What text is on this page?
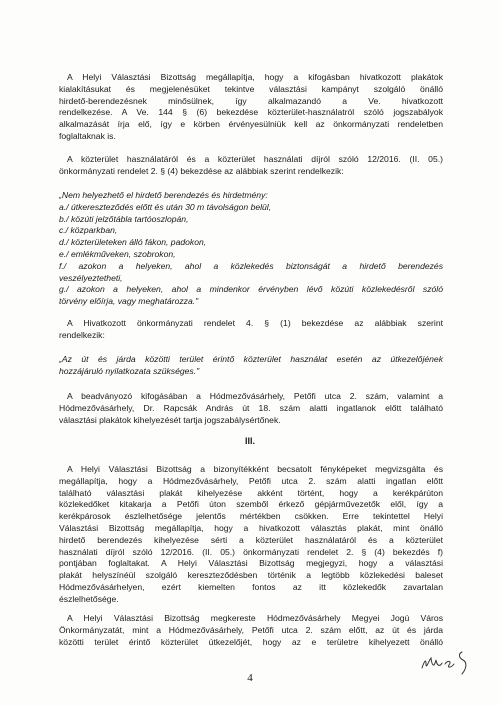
A Helyi Választási Bizottság megállapítja, hogy a kifogásban hivatkozott plakátok
kialakításukat és megjelenésüket tekintve választási kampányt szolgáló önálló
hirdető-berendezésnek minősülnek, így alkalmazandó a Ve. hivatkozott
rendelkezése. A Ve. 144 § (6) bekezdése közterület-használatról szóló jogszabályok
alkalmazását írja elő, így e körben érvényesülniük kell az önkormányzati rendeletben
foglaltaknak is.

A közterület használatáról és a közterület használati díjról szóló 12/2016. (II. 05.)
önkormányzati rendelet 2. § (4) bekezdése az alábbiak szerint rendelkezik:

„Nem helyezhető el hirdető berendezés és hirdetmény:
a./ útkereszteződés előtt és után 30 m távolságon belül,
b./ közúti jelzőtábla tartóoszlopán,
c./ közparkban,
d./ közterületeken álló fákon, padokon,
e./ emlékműveken, szobrokon,
f./ azokon a helyeken, ahol a közlekedés biztonságát a hirdető berendezés
veszélyeztetheti,
g./ azokon a helyeken, ahol a mindenkor érvényben lévő közúti közlekedésről szóló
törvény előírja, vagy meghatározza."

A Hivatkozott önkormányzati rendelet 4. § (1) bekezdése az alábbiak szerint
rendelkezik:

„Az út és járda közötti terület érintő közterület használat esetén az útkezelőjének
hozzájáruló nyilatkozata szükséges."

A beadványozó kifogásában a Hódmezővásárhely, Petőfi utca 2. szám, valamint a
Hódmezővásárhely, Dr. Rapcsák András út 18. szám alatti ingatlanok előtt található
választási plakátok kihelyezését tartja jogszabálysértőnek.

III.

A Helyi Választási Bizottság a bizonyítékként becsatolt fényképeket megvizsgálta és
megállapítja, hogy a Hódmezővásárhely, Petőfi utca 2. szám alatti ingatlan előtt
található választási plakát kihelyezése akként történt, hogy a kerékpárúton
közlekedőket kitakarja a Petőfi úton szemből érkező gépjárművezetők elől, így a
kerékpárosok észlelhetősége jelentős mértékben csökken. Erre tekintettel Helyi
Választási Bizottság megállapítja, hogy a hivatkozott választás plakát, mint önálló
hirdető berendezés kihelyezése sérti a közterület használatáról és a közterület
használati díjról szóló 12/2016. (II. 05.) önkormányzati rendelet 2. § (4) bekezdés f)
pontjában foglaltakat. A Helyi Választási Bizottság megjegyzi, hogy a választási
plakát helyszínéül szolgáló kereszteződésben történik a legtöbb közlekedési baleset
Hódmezővásárhelyen, ezért kiemelten fontos az itt közlekedők zavartalan
észlelhetősége.

A Helyi Választási Bizottság megkereste Hódmezővásárhely Megyei Jogú Város
Önkormányzatát, mint a Hódmezővásárhely, Petőfi utca 2. szám előtt, az út és járda
közötti terület érintő közterület útkezelőjét, hogy az e területre kihelyezett önálló

4
